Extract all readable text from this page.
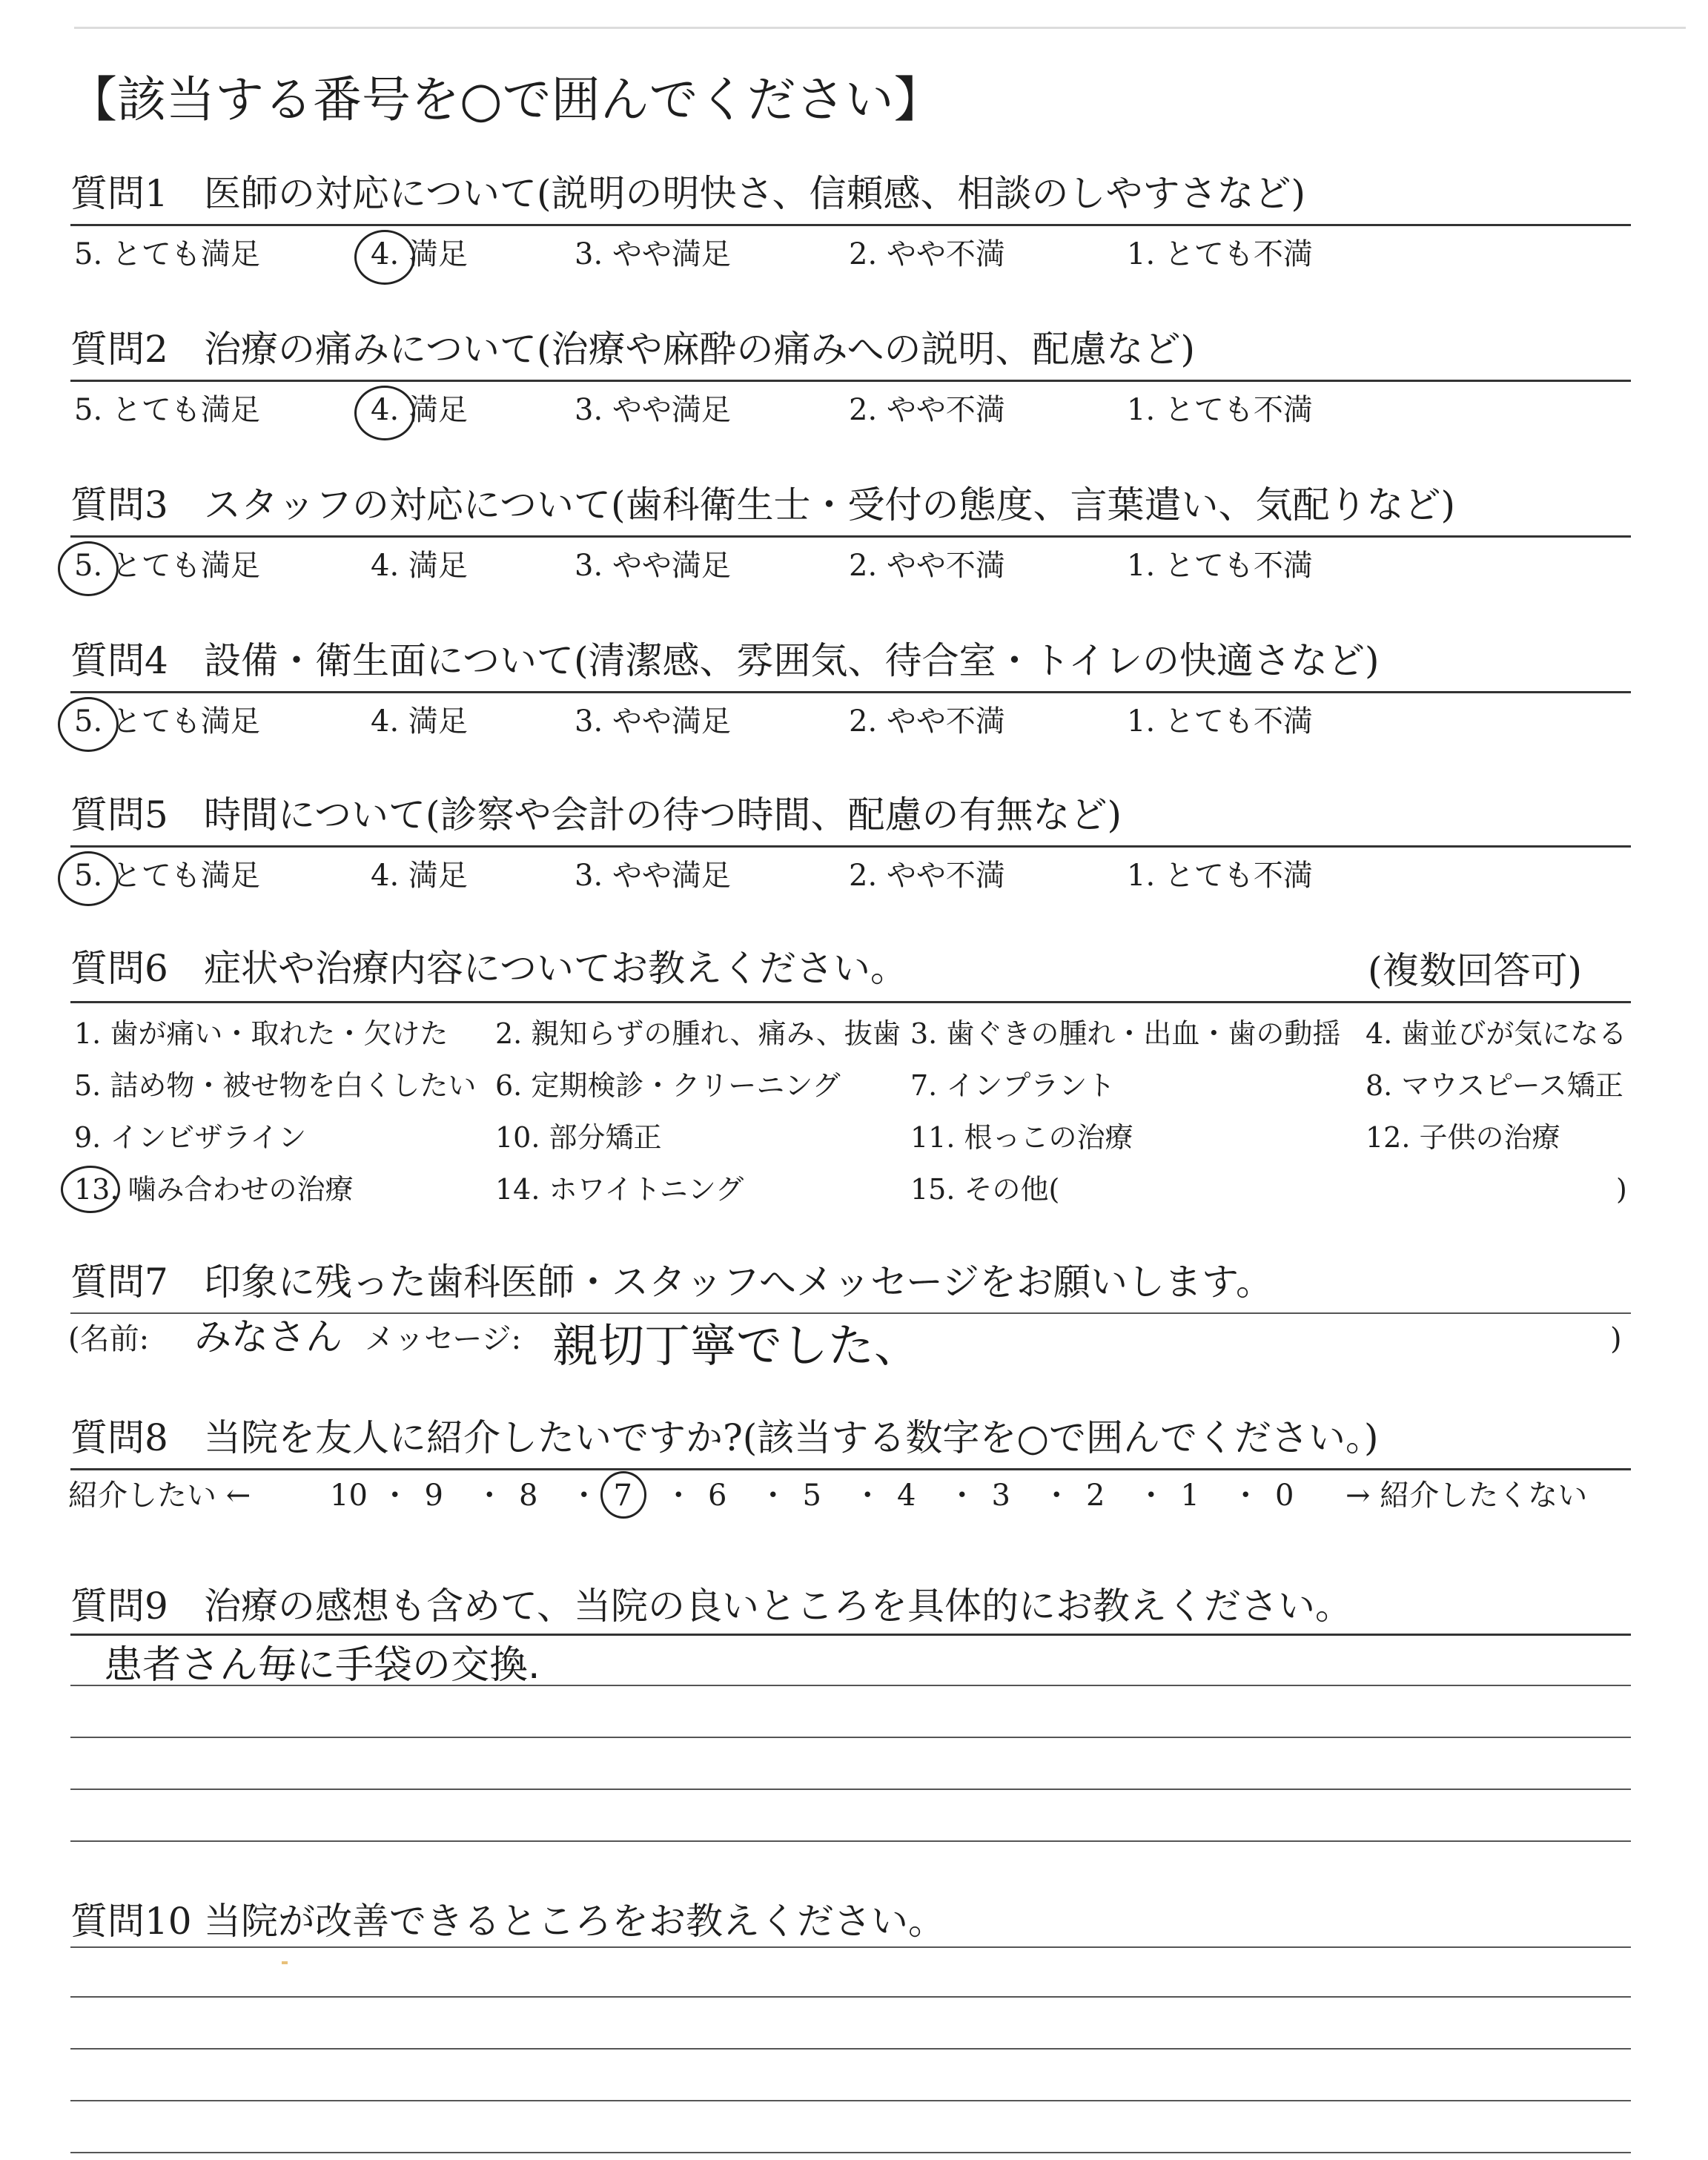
【該当する番号を○で囲んでください】
質問1 医師の対応について(説明の明快さ、信頼感、相談のしやすさなど)
5. とても満足	4. 満足	3. やや満足	2. やや不満	1. とても不満
質問2 治療の痛みについて(治療や麻酔の痛みへの説明、配慮など)
5. とても満足	4. 満足	3. やや満足	2. やや不満	1. とても不満
質問3 スタッフの対応について(歯科衛生士・受付の態度、言葉遣い、気配りなど)
5. とても満足	4. 満足	3. やや満足	2. やや不満	1. とても不満
質問4 設備・衛生面について(清潔感、雰囲気、待合室・トイレの快適さなど)
5. とても満足	4. 満足	3. やや満足	2. やや不満	1. とても不満
質問5 時間について(診察や会計の待つ時間、配慮の有無など)
5. とても満足	4. 満足	3. やや満足	2. やや不満	1. とても不満
質問6 症状や治療内容についてお教えください。	(複数回答可)
1. 歯が痛い・取れた・欠けた 2. 親知らずの腫れ、痛み、抜歯 3. 歯ぐきの腫れ・出血・歯の動揺 4. 歯並びが気になる
5. 詰め物・被せ物を白くしたい 6. 定期検診・クリーニング 7. インプラント	8. マウスピース矯正
9. インビザライン	10. 部分矯正	11. 根っこの治療	12. 子供の治療
13. 噛み合わせの治療	14. ホワイトニング	15. その他(	)
質問7 印象に残った歯科医師・スタッフへメッセージをお願いします。
(名前: みなさん メッセージ: 親切丁寧でした、	)
質問8 当院を友人に紹介したいですか?(該当する数字を○で囲んでください。)
紹介したい ←	→ 紹介したくない
10 ・ 9 ・ 8 ・ 7 ・ 6 ・ 5 ・ 4 ・ 3 ・ 2 ・ 1 ・ 0
質問9 治療の感想も含めて、当院の良いところを具体的にお教えください。
患者さん毎に手袋の交換.
質問10 当院が改善できるところをお教えください。
